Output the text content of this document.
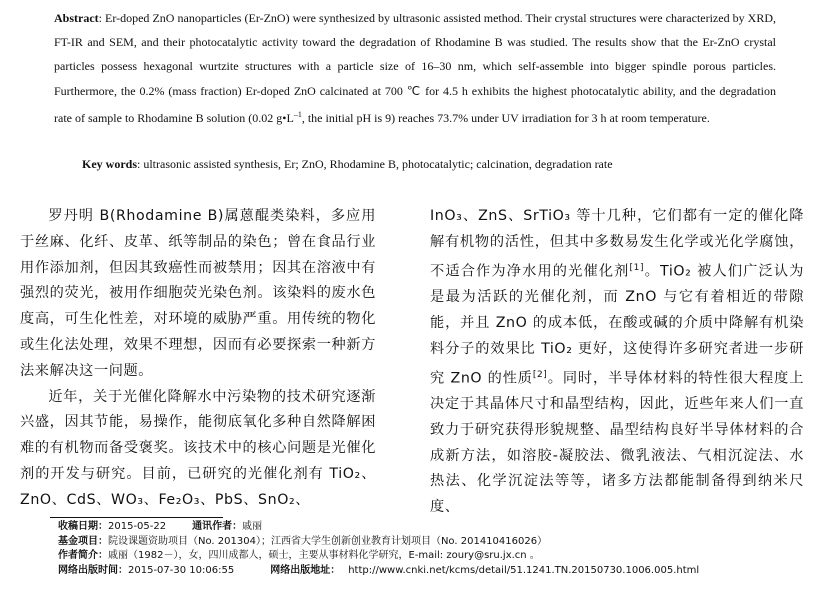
Abstract: Er-doped ZnO nanoparticles (Er-ZnO) were synthesized by ultrasonic assisted method. Their crystal structures were characterized by XRD, FT-IR and SEM, and their photocatalytic activity toward the degradation of Rhodamine B was studied. The results show that the Er-ZnO crystal particles possess hexagonal wurtzite structures with a particle size of 16–30 nm, which self-assemble into bigger spindle porous particles. Furthermore, the 0.2% (mass fraction) Er-doped ZnO calcinated at 700 ℃ for 4.5 h exhibits the highest photocatalytic ability, and the degradation rate of sample to Rhodamine B solution (0.02 $g•L^{-1}$, the initial pH is 9) reaches 73.7% under UV irradiation for 3 h at room temperature.
Key words: ultrasonic assisted synthesis, Er; ZnO, Rhodamine B, photocatalytic; calcination, degradation rate

罗丹明 B(Rhodamine B)属蒽醌类染料，多应用于丝麻、化纤、皮革、纸等制品的染色；曾在食品行业用作添加剂，但因其致癌性而被禁用；因其在溶液中有强烈的荧光，被用作细胞荧光染色剂。该染料的废水色度高，可生化性差，对环境的威胁严重。用传统的物化或生化法处理，效果不理想，因而有必要探索一种新方法来解决这一问题。

近年，关于光催化降解水中污染物的技术研究逐渐兴盛，因其节能，易操作，能彻底氧化多种自然降解困难的有机物而备受褒奖。该技术中的核心问题是光催化剂的开发与研究。目前，已研究的光催化剂有 TiO₂、ZnO、CdS、WO₃、Fe₂O₃、PbS、SnO₂、

InO₃、ZnS、SrTiO₃ 等十几种，它们都有一定的催化降解有机物的活性，但其中多数易发生化学或光化学腐蚀，不适合作为净水用的光催化剂[1]。TiO₂ 被人们广泛认为是最为活跃的光催化剂，而 ZnO 与它有着相近的带隙能，并且 ZnO 的成本低，在酸或碱的介质中降解有机染料分子的效果比 TiO₂ 更好，这使得许多研究者进一步研究 ZnO 的性质[2]。同时，半导体材料的特性很大程度上决定于其晶体尺寸和晶型结构，因此，近些年来人们一直致力于研究获得形貌规整、晶型结构良好半导体材料的合成新方法，如溶胶-凝胶法、微乳液法、气相沉淀法、水热法、化学沉淀法等等，诸多方法都能制备得到纳米尺度、

收稿日期：2015-05-22	通讯作者：戚丽
基金项目：院设课题资助项目（No. 201304）；江西省大学生创新创业教育计划项目（No. 201410416026）
作者简介：戚丽（1982－），女，四川成都人，硕士，主要从事材料化学研究，E-mail: zoury@sru.jx.cn 。
网络出版时间：2015-07-30 10:06:55	网络出版地址： http://www.cnki.net/kcms/detail/51.1241.TN.20150730.1006.005.html
